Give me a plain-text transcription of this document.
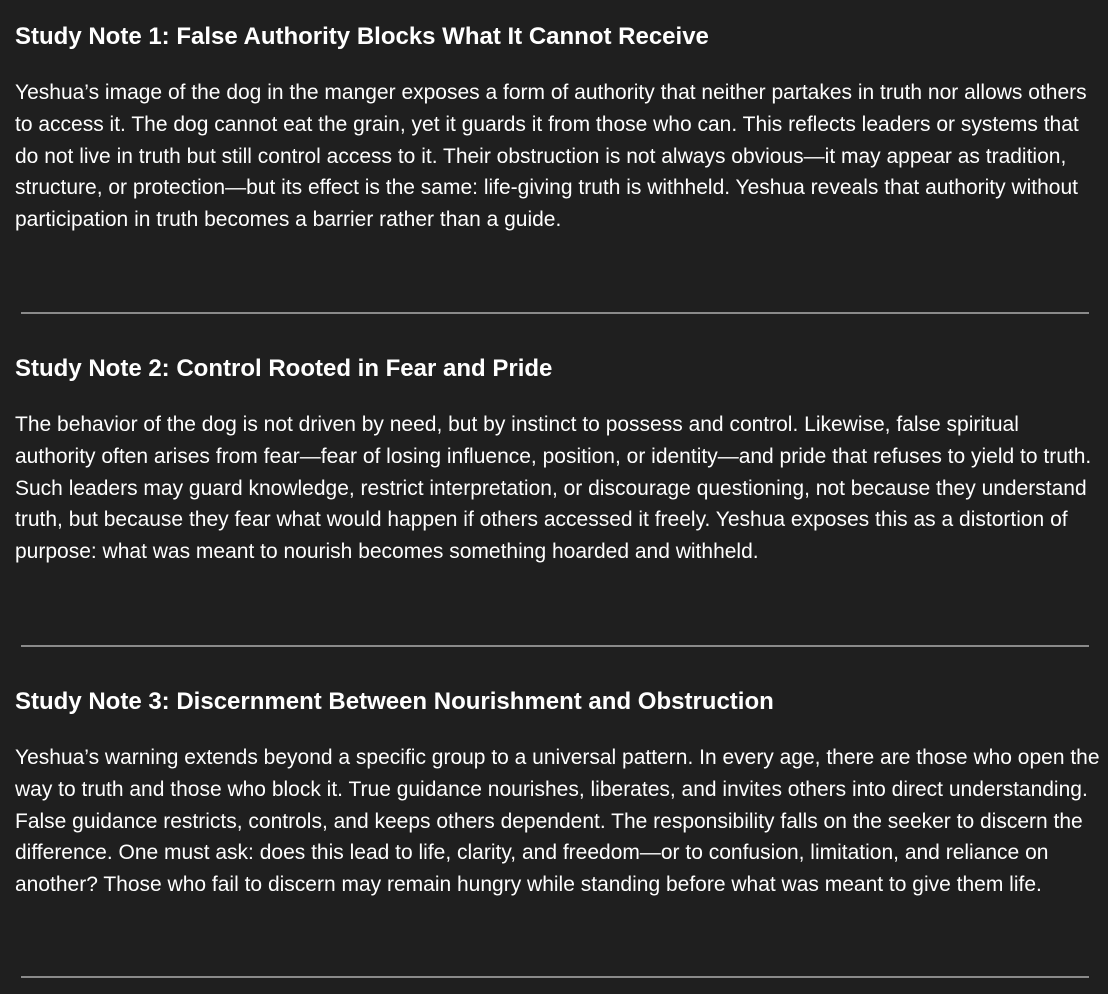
Study Note 1: False Authority Blocks What It Cannot Receive

Yeshua’s image of the dog in the manger exposes a form of authority that neither partakes in truth nor allows others to access it. The dog cannot eat the grain, yet it guards it from those who can. This reflects leaders or systems that do not live in truth but still control access to it. Their obstruction is not always obvious—it may appear as tradition, structure, or protection—but its effect is the same: life-giving truth is withheld. Yeshua reveals that authority without participation in truth becomes a barrier rather than a guide.

Study Note 2: Control Rooted in Fear and Pride

The behavior of the dog is not driven by need, but by instinct to possess and control. Likewise, false spiritual authority often arises from fear—fear of losing influence, position, or identity—and pride that refuses to yield to truth. Such leaders may guard knowledge, restrict interpretation, or discourage questioning, not because they understand truth, but because they fear what would happen if others accessed it freely. Yeshua exposes this as a distortion of purpose: what was meant to nourish becomes something hoarded and withheld.

Study Note 3: Discernment Between Nourishment and Obstruction

Yeshua’s warning extends beyond a specific group to a universal pattern. In every age, there are those who open the way to truth and those who block it. True guidance nourishes, liberates, and invites others into direct understanding. False guidance restricts, controls, and keeps others dependent. The responsibility falls on the seeker to discern the difference. One must ask: does this lead to life, clarity, and freedom—or to confusion, limitation, and reliance on another? Those who fail to discern may remain hungry while standing before what was meant to give them life.
